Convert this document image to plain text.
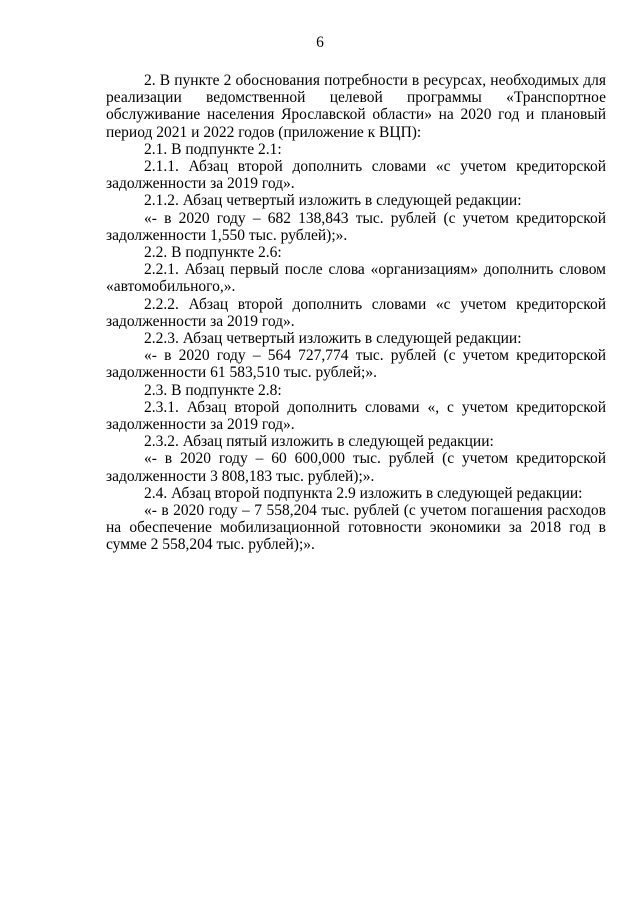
6

2. В пункте 2 обоснования потребности в ресурсах, необходимых для реализации ведомственной целевой программы «Транспортное обслуживание населения Ярославской области» на 2020 год и плановый период 2021 и 2022 годов (приложение к ВЦП):

2.1. В подпункте 2.1:

2.1.1. Абзац второй дополнить словами «с учетом кредиторской задолженности за 2019 год».

2.1.2. Абзац четвертый изложить в следующей редакции:

«- в 2020 году – 682 138,843 тыс. рублей (с учетом кредиторской задолженности 1,550 тыс. рублей);».

2.2. В подпункте 2.6:

2.2.1. Абзац первый после слова «организациям» дополнить словом «автомобильного,».

2.2.2. Абзац второй дополнить словами «с учетом кредиторской задолженности за 2019 год».

2.2.3. Абзац четвертый изложить в следующей редакции:

«- в 2020 году – 564 727,774 тыс. рублей (с учетом кредиторской задолженности 61 583,510 тыс. рублей;».

2.3. В подпункте 2.8:

2.3.1. Абзац второй дополнить словами «, с учетом кредиторской задолженности за 2019 год».

2.3.2. Абзац пятый изложить в следующей редакции:

«- в 2020 году – 60 600,000 тыс. рублей (с учетом кредиторской задолженности 3 808,183 тыс. рублей);».

2.4. Абзац второй подпункта 2.9 изложить в следующей редакции:

«- в 2020 году – 7 558,204 тыс. рублей (с учетом погашения расходов на обеспечение мобилизационной готовности экономики за 2018 год в сумме 2 558,204 тыс. рублей);».
